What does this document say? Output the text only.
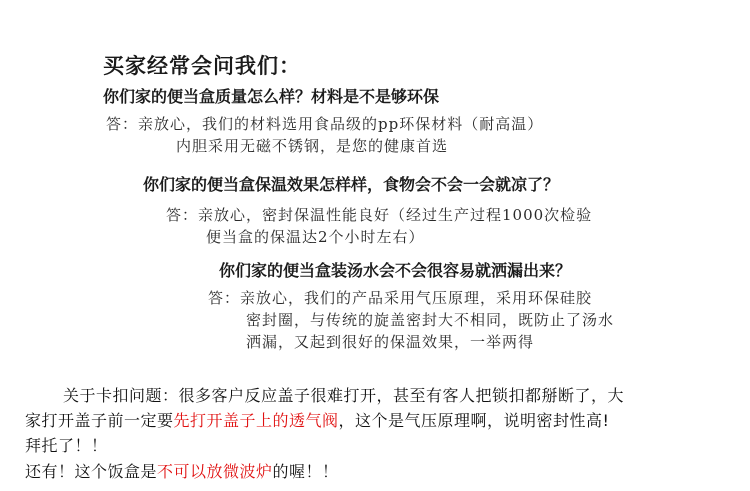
买家经常会问我们：
你们家的便当盒质量怎么样？材料是不是够环保
答：亲放心，我们的材料选用食品级的pp环保材料（耐高温）
内胆采用无磁不锈钢，是您的健康首选
你们家的便当盒保温效果怎样样，食物会不会一会就凉了？
答：亲放心，密封保温性能良好（经过生产过程1000次检验
便当盒的保温达2个小时左右）
你们家的便当盒装汤水会不会很容易就洒漏出来？
答：亲放心，我们的产品采用气压原理，采用环保硅胶
密封圈，与传统的旋盖密封大不相同，既防止了汤水
洒漏，又起到很好的保温效果，一举两得
关于卡扣问题：很多客户反应盖子很难打开，甚至有客人把锁扣都掰断了，大
家打开盖子前一定要先打开盖子上的透气阀，这个是气压原理啊，说明密封性高!
拜托了！！
还有！这个饭盒是不可以放微波炉的喔！！
